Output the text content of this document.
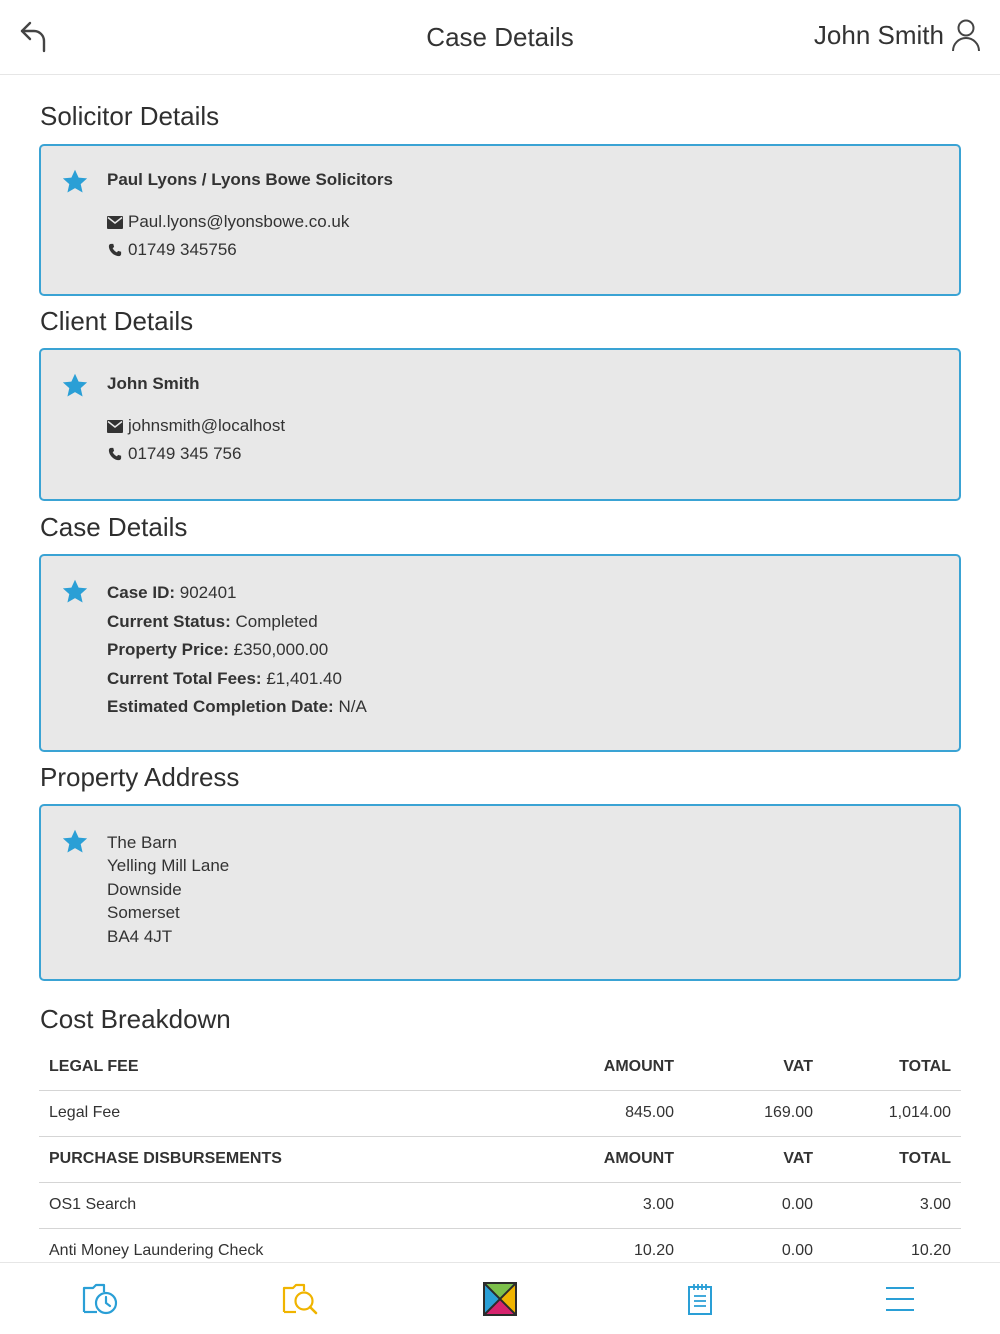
Case Details	John Smith
Solicitor Details
Paul Lyons / Lyons Bowe Solicitors
Paul.lyons@lyonsbowe.co.uk
01749 345756
Client Details
John Smith
johnsmith@localhost
01749 345 756
Case Details
Case ID: 902401
Current Status: Completed
Property Price: £350,000.00
Current Total Fees: £1,401.40
Estimated Completion Date: N/A
Property Address
The Barn
Yelling Mill Lane
Downside
Somerset
BA4 4JT
Cost Breakdown
LEGAL FEE	AMOUNT	VAT	TOTAL
Legal Fee	845.00	169.00	1,014.00
PURCHASE DISBURSEMENTS	AMOUNT	VAT	TOTAL
OS1 Search	3.00	0.00	3.00
Anti Money Laundering Check	10.20	0.00	10.20
